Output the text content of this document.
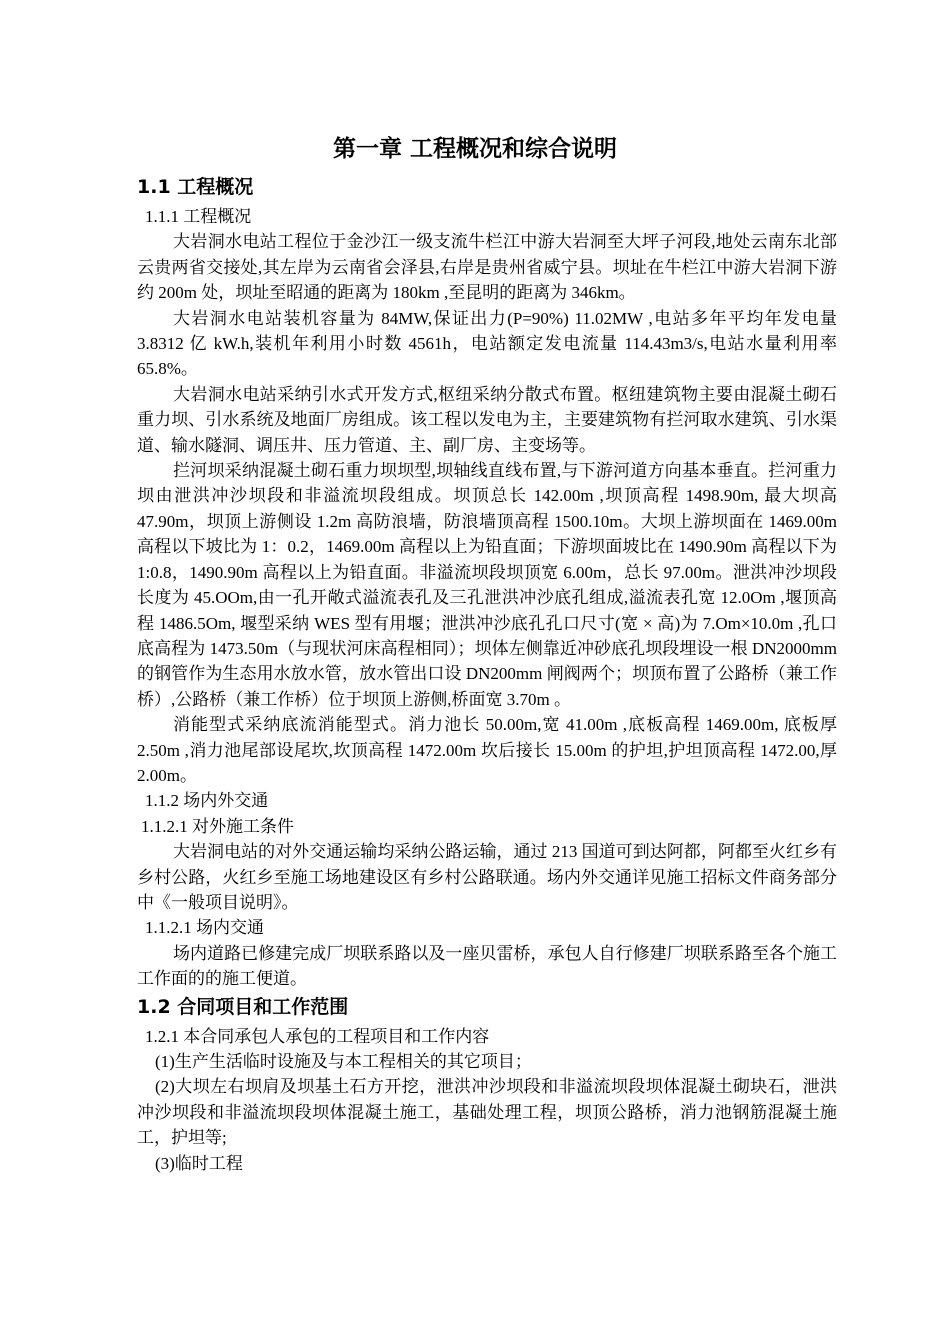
第一章 工程概况和综合说明
1.1 工程概况
1.1.1 工程概况
大岩洞水电站工程位于金沙江一级支流牛栏江中游大岩洞至大坪子河段,地处云南东北部云贵两省交接处,其左岸为云南省会泽县,右岸是贵州省威宁县。坝址在牛栏江中游大岩洞下游约 200m 处，坝址至昭通的距离为 180km ,至昆明的距离为 346km。
大岩洞水电站装机容量为 84MW,保证出力(P=90%) 11.02MW ,电站多年平均年发电量 3.8312 亿 kW.h,装机年利用小时数 4561h，电站额定发电流量 114.43m3/s,电站水量利用率 65.8%。
大岩洞水电站采纳引水式开发方式,枢纽采纳分散式布置。枢纽建筑物主要由混凝土砌石重力坝、引水系统及地面厂房组成。该工程以发电为主，主要建筑物有拦河取水建筑、引水渠道、输水隧洞、调压井、压力管道、主、副厂房、主变场等。
拦河坝采纳混凝土砌石重力坝坝型,坝轴线直线布置,与下游河道方向基本垂直。拦河重力坝由泄洪冲沙坝段和非溢流坝段组成。坝顶总长 142.00m ,坝顶高程 1498.90m, 最大坝高 47.90m，坝顶上游侧设 1.2m 高防浪墙，防浪墙顶高程 1500.10m。大坝上游坝面在 1469.00m 高程以下坡比为 1：0.2，1469.00m 高程以上为铅直面；下游坝面坡比在 1490.90m 高程以下为 1:0.8，1490.90m 高程以上为铅直面。非溢流坝段坝顶宽 6.00m，总长 97.00m。泄洪冲沙坝段长度为 45.OOm,由一孔开敞式溢流表孔及三孔泄洪冲沙底孔组成,溢流表孔宽 12.0Om ,堰顶高程 1486.5Om, 堰型采纳 WES 型有用堰；泄洪冲沙底孔孔口尺寸(宽 × 高)为 7.Om×10.0m ,孔口底高程为 1473.50m（与现状河床高程相同）；坝体左侧靠近冲砂底孔坝段埋设一根 DN2000mm 的钢管作为生态用水放水管，放水管出口设 DN200mm 闸阀两个；坝顶布置了公路桥（兼工作桥）,公路桥（兼工作桥）位于坝顶上游侧,桥面宽 3.70m 。
消能型式采纳底流消能型式。消力池长 50.00m,宽 41.00m ,底板高程 1469.00m, 底板厚 2.50m ,消力池尾部设尾坎,坎顶高程 1472.00m 坎后接长 15.00m 的护坦,护坦顶高程 1472.00,厚 2.00m。
1.1.2 场内外交通
1.1.2.1 对外施工条件
大岩洞电站的对外交通运输均采纳公路运输，通过 213 国道可到达阿都，阿都至火红乡有乡村公路，火红乡至施工场地建设区有乡村公路联通。场内外交通详见施工招标文件商务部分中《一般项目说明》。
1.1.2.1 场内交通
场内道路已修建完成厂坝联系路以及一座贝雷桥，承包人自行修建厂坝联系路至各个施工工作面的的施工便道。
1.2 合同项目和工作范围
1.2.1 本合同承包人承包的工程项目和工作内容
(1)生产生活临时设施及与本工程相关的其它项目；
(2)大坝左右坝肩及坝基土石方开挖，泄洪冲沙坝段和非溢流坝段坝体混凝土砌块石，泄洪冲沙坝段和非溢流坝段坝体混凝土施工，基础处理工程，坝顶公路桥，消力池钢筋混凝土施工，护坦等;
(3)临时工程
